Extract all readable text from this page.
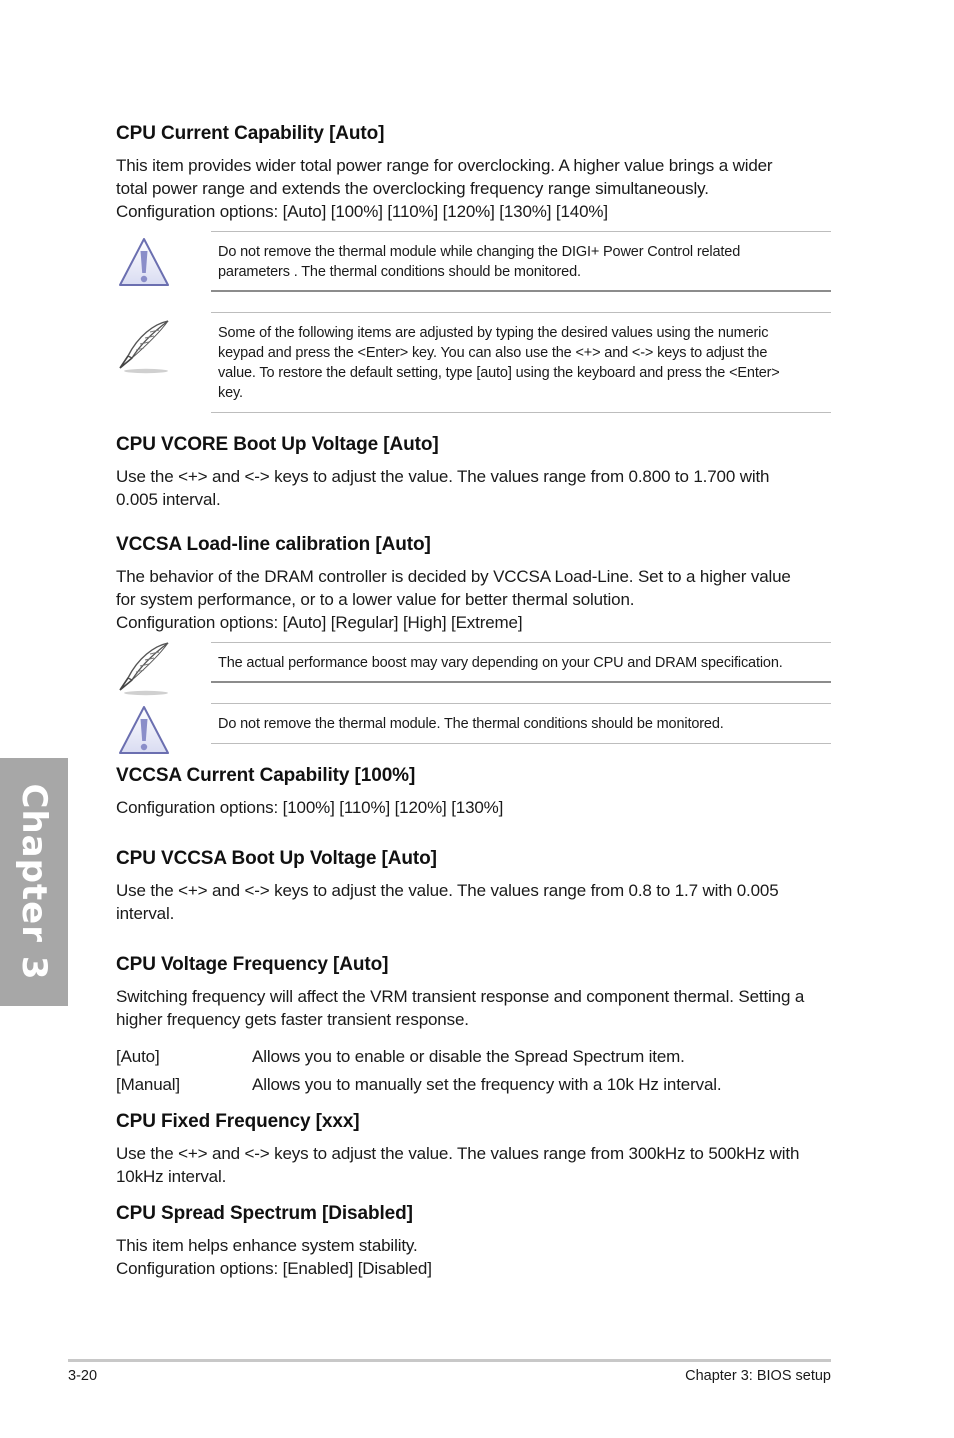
Chapter 3
CPU Current Capability [Auto]

This item provides wider total power range for overclocking. A higher value brings a wider

total power range and extends the overclocking frequency range simultaneously.

Configuration options: [Auto] [100%] [110%] [120%] [130%] [140%]

Do not remove the thermal module while changing the DIGI+ Power Control related

parameters . The thermal conditions should be monitored.

Some of the following items are adjusted by typing the desired values using the numeric

keypad and press the <Enter> key. You can also use the <+> and <-> keys to adjust the

value. To restore the default setting, type [auto] using the keyboard and press the <Enter>

key.

CPU VCORE Boot Up Voltage [Auto]

Use the <+> and <-> keys to adjust the value. The values range from 0.800 to 1.700 with

0.005 interval.

VCCSA Load-line calibration [Auto]

The behavior of the DRAM controller is decided by VCCSA Load-Line. Set to a higher value

for system performance, or to a lower value for better thermal solution.

Configuration options: [Auto] [Regular] [High] [Extreme]

The actual performance boost may vary depending on your CPU and DRAM specification.

Do not remove the thermal module. The thermal conditions should be monitored.

VCCSA Current Capability [100%]

Configuration options: [100%] [110%] [120%] [130%]

CPU VCCSA Boot Up Voltage [Auto]

Use the <+> and <-> keys to adjust the value. The values range from 0.8 to 1.7 with 0.005

interval.

CPU Voltage Frequency [Auto]

Switching frequency will affect the VRM transient response and component thermal. Setting a

higher frequency gets faster transient response.

[Auto]	Allows you to enable or disable the Spread Spectrum item.
[Manual]	Allows you to manually set the frequency with a 10k Hz interval.
CPU Fixed Frequency [xxx]

Use the <+> and <-> keys to adjust the value. The values range from 300kHz to 500kHz with

10kHz interval.

CPU Spread Spectrum [Disabled]

This item helps enhance system stability.

Configuration options: [Enabled] [Disabled]

3-20	Chapter 3: BIOS setup
